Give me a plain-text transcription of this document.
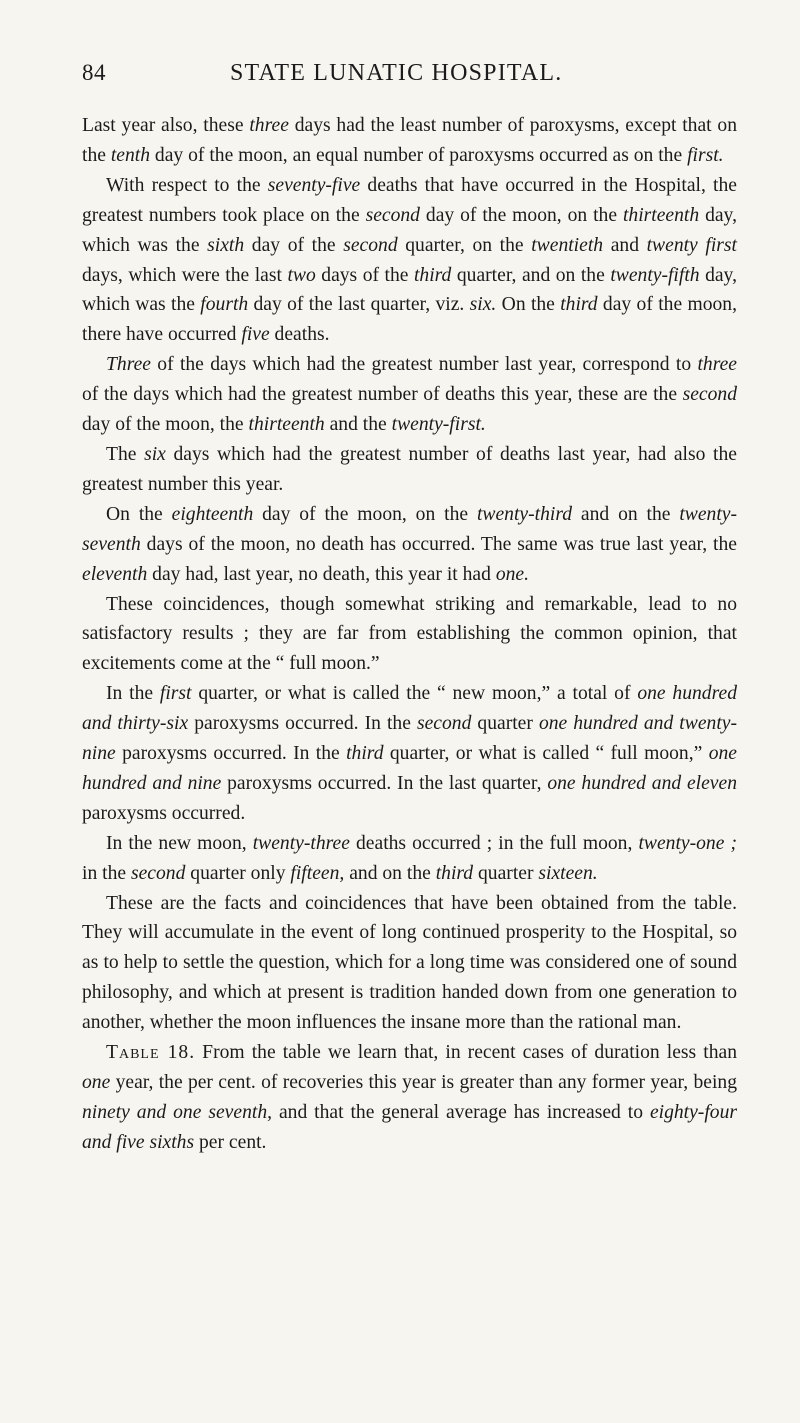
84	STATE LUNATIC HOSPITAL.

Last year also, these three days had the least number of paroxysms, except that on the tenth day of the moon, an equal number of paroxysms occurred as on the first.

With respect to the seventy-five deaths that have occurred in the Hospital, the greatest numbers took place on the second day of the moon, on the thirteenth day, which was the sixth day of the second quarter, on the twentieth and twenty first days, which were the last two days of the third quarter, and on the twenty-fifth day, which was the fourth day of the last quarter, viz. six. On the third day of the moon, there have occurred five deaths.

Three of the days which had the greatest number last year, correspond to three of the days which had the greatest number of deaths this year, these are the second day of the moon, the thirteenth and the twenty-first.

The six days which had the greatest number of deaths last year, had also the greatest number this year.

On the eighteenth day of the moon, on the twenty-third and on the twenty-seventh days of the moon, no death has occurred. The same was true last year, the eleventh day had, last year, no death, this year it had one.

These coincidences, though somewhat striking and remarkable, lead to no satisfactory results ; they are far from establishing the common opinion, that excitements come at the “ full moon.”

In the first quarter, or what is called the “ new moon,” a total of one hundred and thirty-six paroxysms occurred. In the second quarter one hundred and twenty-nine paroxysms occurred. In the third quarter, or what is called “ full moon,” one hundred and nine paroxysms occurred. In the last quarter, one hundred and eleven paroxysms occurred.

In the new moon, twenty-three deaths occurred ; in the full moon, twenty-one ; in the second quarter only fifteen, and on the third quarter sixteen.

These are the facts and coincidences that have been obtained from the table. They will accumulate in the event of long continued prosperity to the Hospital, so as to help to settle the question, which for a long time was considered one of sound philosophy, and which at present is tradition handed down from one generation to another, whether the moon influences the insane more than the rational man.

Table 18. From the table we learn that, in recent cases of duration less than one year, the per cent. of recoveries this year is greater than any former year, being ninety and one seventh, and that the general average has increased to eighty-four and five sixths per cent.
